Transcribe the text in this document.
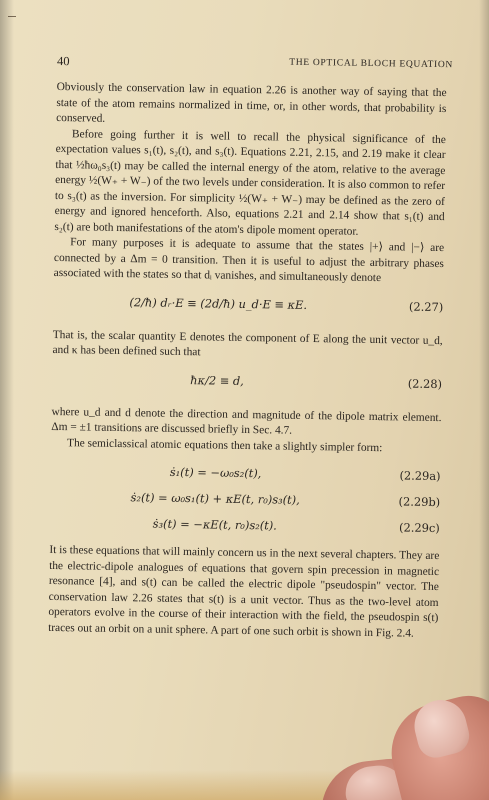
40	THE OPTICAL BLOCH EQUATION

Obviously the conservation law in equation 2.26 is another way of saying that the state of the atom remains normalized in time, or, in other words, that probability is conserved.

Before going further it is well to recall the physical significance of the expectation values s₁(t), s₂(t), and s₃(t). Equations 2.21, 2.15, and 2.19 make it clear that ½ħω₀s₃(t) may be called the internal energy of the atom, relative to the average energy ½(W₊ + W₋) of the two levels under consideration. It is also common to refer to s₃(t) as the inversion. For simplicity ½(W₊ + W₋) may be defined as the zero of energy and ignored henceforth. Also, equations 2.21 and 2.14 show that s₁(t) and s₂(t) are both manifestations of the atom's dipole moment operator.

For many purposes it is adequate to assume that the states |+⟩ and |−⟩ are connected by a Δm = 0 transition. Then it is useful to adjust the arbitrary phases associated with the states so that dᵢ vanishes, and simultaneously denote

(2/ħ) dᵣ·E ≡ (2d/ħ) u_d·E ≡ κE.	(2.27)

That is, the scalar quantity E denotes the component of E along the unit vector u_d, and κ has been defined such that

ħκ/2 ≡ d,	(2.28)

where u_d and d denote the direction and magnitude of the dipole matrix element. Δm = ±1 transitions are discussed briefly in Sec. 4.7.

The semiclassical atomic equations then take a slightly simpler form:

ṡ₁(t) = −ω₀s₂(t),	(2.29a)
ṡ₂(t) = ω₀s₁(t) + κE(t, r₀)s₃(t),	(2.29b)
ṡ₃(t) = −κE(t, r₀)s₂(t).	(2.29c)

It is these equations that will mainly concern us in the next several chapters. They are the electric-dipole analogues of equations that govern spin precession in magnetic resonance [4], and s(t) can be called the electric dipole "pseudospin" vector. The conservation law 2.26 states that s(t) is a unit vector. Thus as the two-level atom operators evolve in the course of their interaction with the field, the pseudospin s(t) traces out an orbit on a unit sphere. A part of one such orbit is shown in Fig. 2.4.
